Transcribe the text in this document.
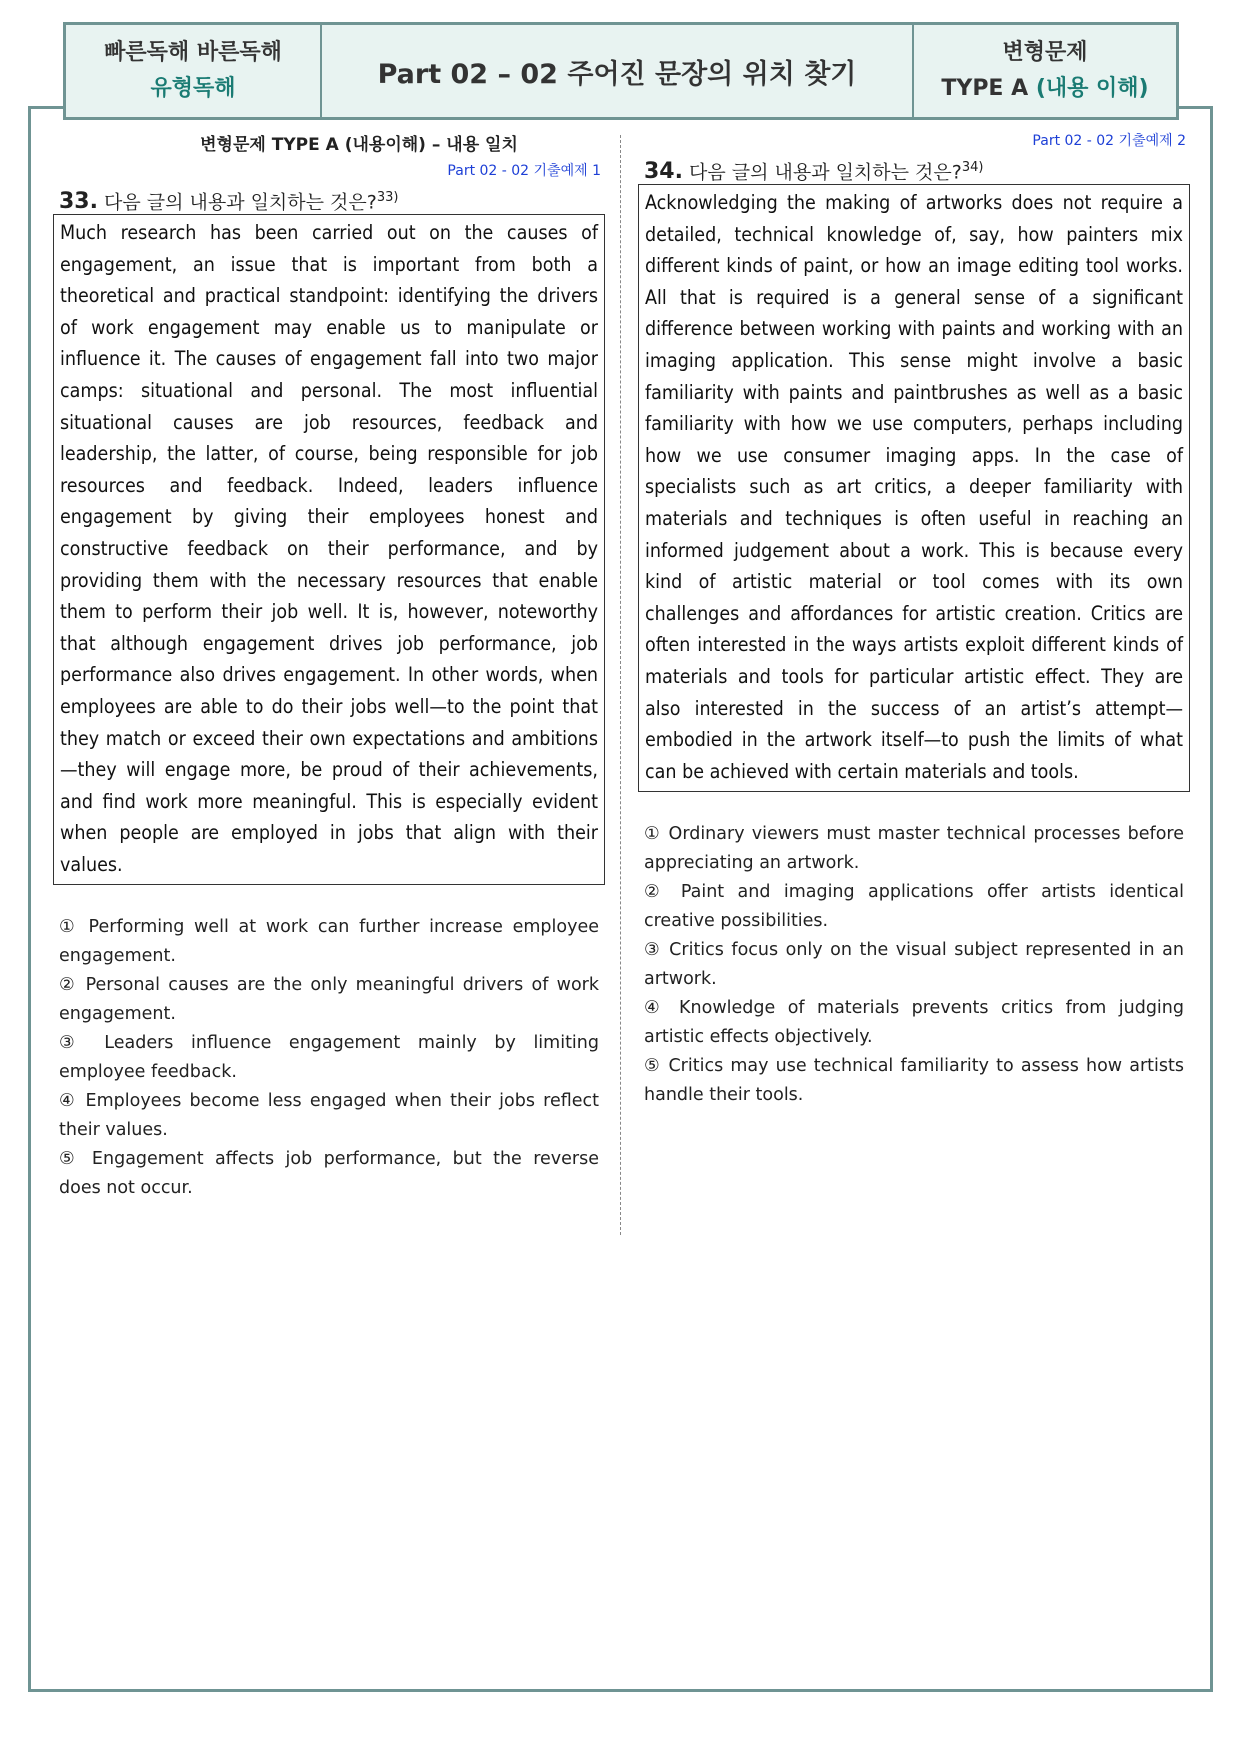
빠른독해 바른독해
유형독해	Part 02 – 02 주어진 문장의 위치 찾기
변형문제
TYPE A (내용 이해)
변형문제 TYPE A (내용이해) – 내용 일치
Part 02 - 02 기출예제 1
33. 다음 글의 내용과 일치하는 것은?$^{33)}$
Much research has been carried out on the causes of engagement, an issue that is important from both a theoretical and practical standpoint: identifying the drivers of work engagement may enable us to manipulate or influence it. The causes of engagement fall into two major camps: situational and personal. The most influential situational causes are job resources, feedback and leadership, the latter, of course, being responsible for job resources and feedback. Indeed, leaders influence engagement by giving their employees honest and constructive feedback on their performance, and by providing them with the necessary resources that enable them to perform their job well. It is, however, noteworthy that although engagement drives job performance, job performance also drives engagement. In other words, when employees are able to do their jobs well—to the point that they match or exceed their own expectations and ambitions—they will engage more, be proud of their achievements, and find work more meaningful. This is especially evident when people are employed in jobs that align with their values.
① Performing well at work can further increase employee engagement.
② Personal causes are the only meaningful drivers of work engagement.
③ Leaders influence engagement mainly by limiting employee feedback.
④ Employees become less engaged when their jobs reflect their values.
⑤ Engagement affects job performance, but the reverse does not occur.
Part 02 - 02 기출예제 2
34. 다음 글의 내용과 일치하는 것은?$^{34)}$
Acknowledging the making of artworks does not require a detailed, technical knowledge of, say, how painters mix different kinds of paint, or how an image editing tool works. All that is required is a general sense of a significant difference between working with paints and working with an imaging application. This sense might involve a basic familiarity with paints and paintbrushes as well as a basic familiarity with how we use computers, perhaps including how we use consumer imaging apps. In the case of specialists such as art critics, a deeper familiarity with materials and techniques is often useful in reaching an informed judgement about a work. This is because every kind of artistic material or tool comes with its own challenges and affordances for artistic creation. Critics are often interested in the ways artists exploit different kinds of materials and tools for particular artistic effect. They are also interested in the success of an artist’s attempt—embodied in the artwork itself—to push the limits of what can be achieved with certain materials and tools.
① Ordinary viewers must master technical processes before appreciating an artwork.
② Paint and imaging applications offer artists identical creative possibilities.
③ Critics focus only on the visual subject represented in an artwork.
④ Knowledge of materials prevents critics from judging artistic effects objectively.
⑤ Critics may use technical familiarity to assess how artists handle their tools.
